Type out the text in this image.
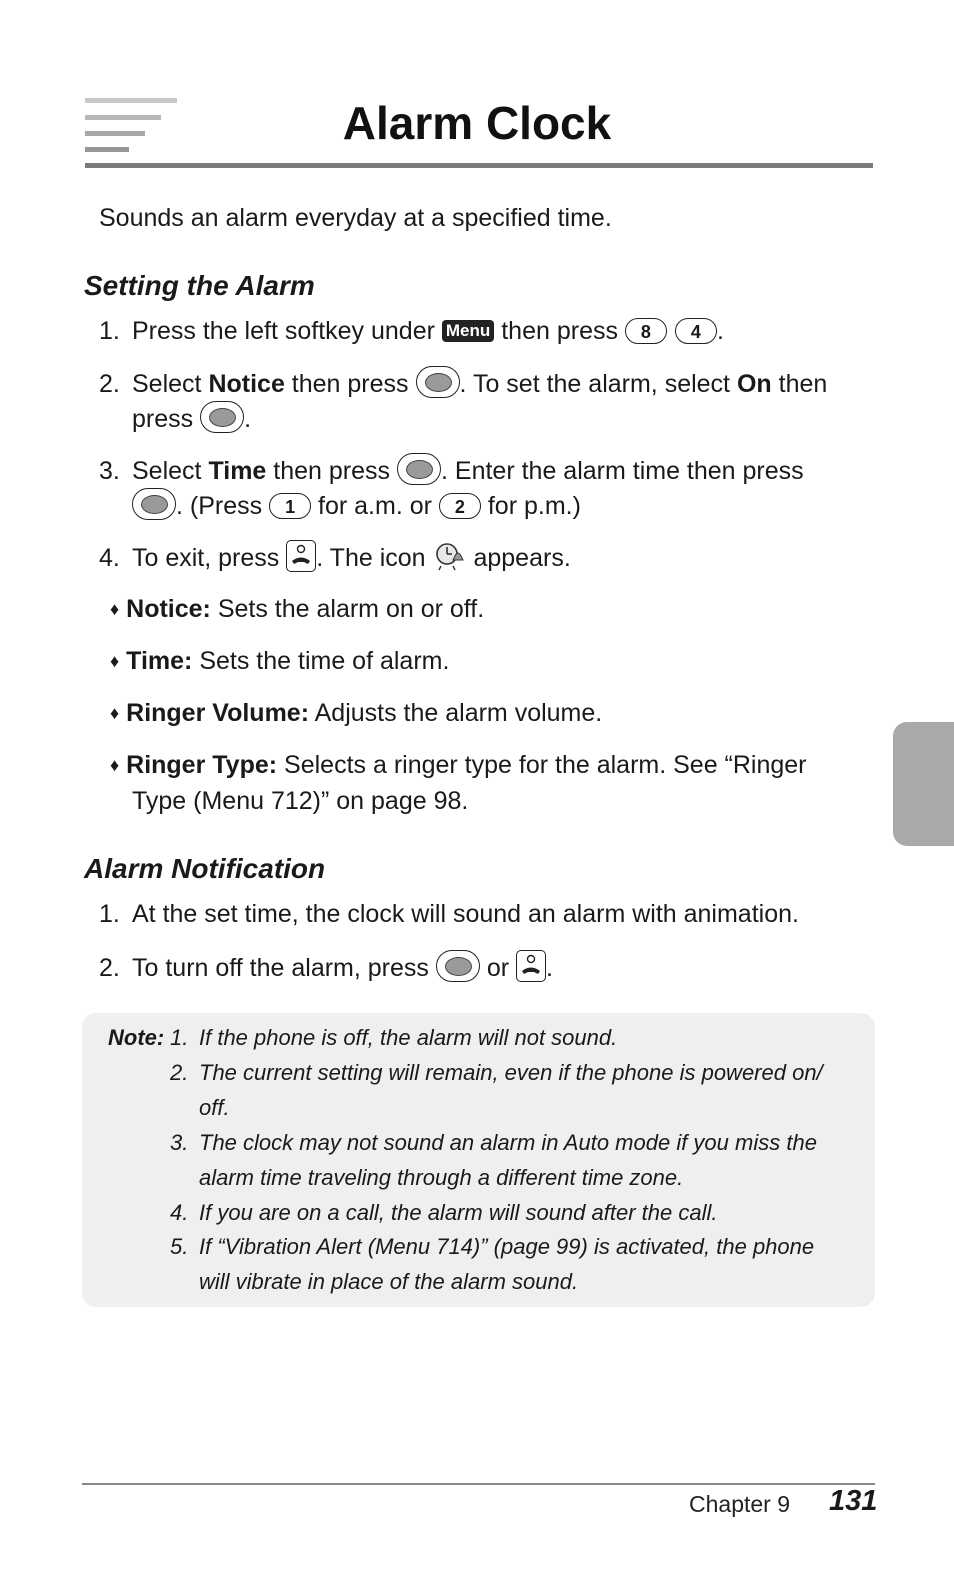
Alarm Clock
Sounds an alarm everyday at a specified time.
Setting the Alarm
1. Press the left softkey under Menu then press 8 4 .
2. Select Notice then press . To set the alarm, select On then
press .
3. Select Time then press . Enter the alarm time then press
. (Press 1 for a.m. or 2 for p.m.)
4. To exit, press . The icon appears.
♦ Notice: Sets the alarm on or off.
♦ Time: Sets the time of alarm.
♦ Ringer Volume: Adjusts the alarm volume.
♦ Ringer Type: Selects a ringer type for the alarm. See “Ringer
Type (Menu 712)” on page 98.
Alarm Notification
1. At the set time, the clock will sound an alarm with animation.
2. To turn off the alarm, press or .
Note: 1. If the phone is off, the alarm will not sound.
2. The current setting will remain, even if the phone is powered on/
off.
3. The clock may not sound an alarm in Auto mode if you miss the
alarm time traveling through a different time zone.
4. If you are on a call, the alarm will sound after the call.
5. If “Vibration Alert (Menu 714)” (page 99) is activated, the phone
will vibrate in place of the alarm sound.
Chapter 9 131
